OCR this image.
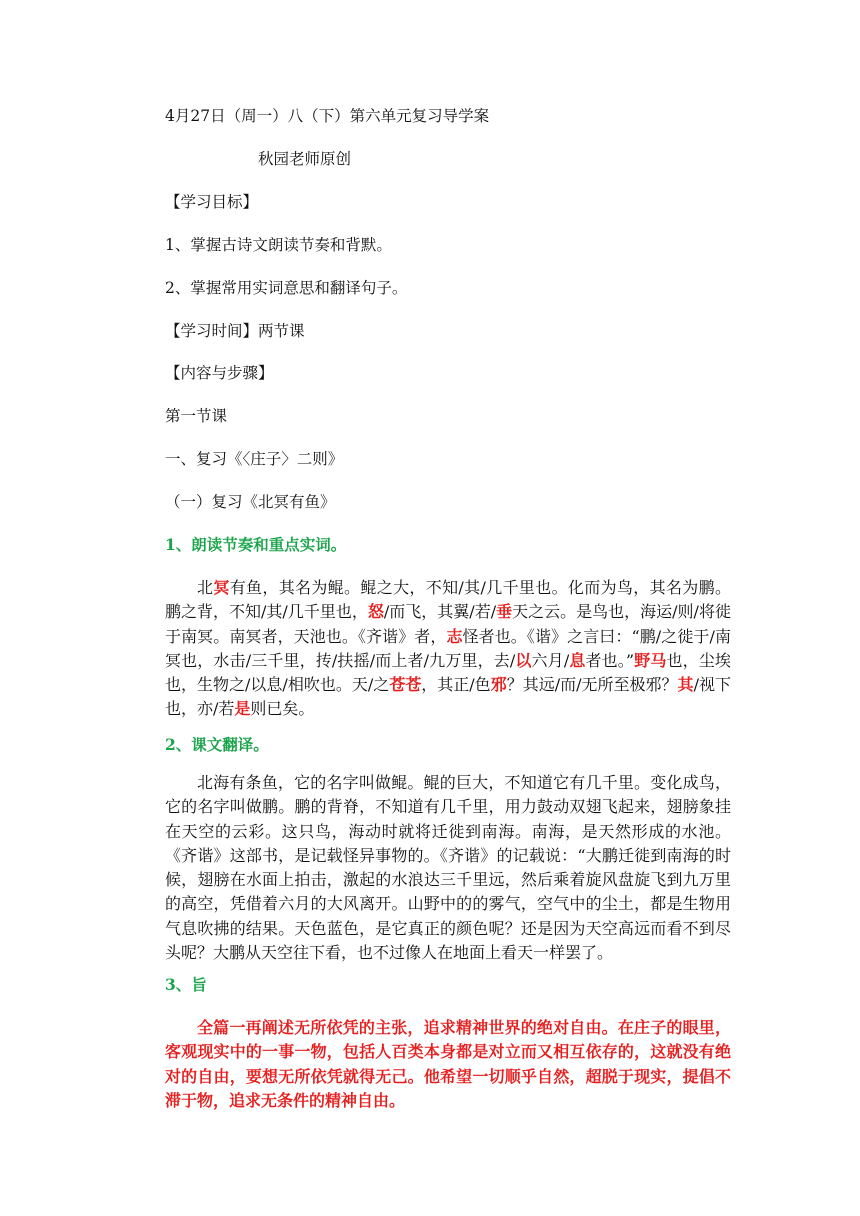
4月27日（周一）八（下）第六单元复习导学案
秋园老师原创
【学习目标】
1、掌握古诗文朗读节奏和背默。
2、掌握常用实词意思和翻译句子。
【学习时间】两节课
【内容与步骤】
第一节课
一、复习《〈庄子〉二则》
（一）复习《北冥有鱼》
1、朗读节奏和重点实词。
北冥有鱼，其名为鲲。鲲之大，不知/其/几千里也。化而为鸟，其名为鹏。鹏之背，不知/其/几千里也，怒/而飞，其翼/若/垂天之云。是鸟也，海运/则/将徙于南冥。南冥者，天池也。《齐谐》者，志怪者也。《谐》之言曰：“鹏/之徙于/南冥也，水击/三千里，抟/扶摇/而上者/九万里，去/以六月/息者也。”野马也，尘埃也，生物之/以息/相吹也。天/之苍苍，其正/色邪？其远/而/无所至极邪？其/视下也，亦/若是则已矣。
2、课文翻译。
北海有条鱼，它的名字叫做鲲。鲲的巨大，不知道它有几千里。变化成鸟，它的名字叫做鹏。鹏的背脊，不知道有几千里，用力鼓动双翅飞起来，翅膀象挂在天空的云彩。这只鸟，海动时就将迁徙到南海。南海，是天然形成的水池。《齐谐》这部书，是记载怪异事物的。《齐谐》的记载说：“大鹏迁徙到南海的时候，翅膀在水面上拍击，激起的水浪达三千里远，然后乘着旋风盘旋飞到九万里的高空，凭借着六月的大风离开。山野中的的雾气，空气中的尘土，都是生物用气息吹拂的结果。天色蓝色，是它真正的颜色呢？还是因为天空高远而看不到尽头呢？大鹏从天空往下看，也不过像人在地面上看天一样罢了。
3、旨
全篇一再阐述无所依凭的主张，追求精神世界的绝对自由。在庄子的眼里，客观现实中的一事一物，包括人百类本身都是对立而又相互依存的，这就没有绝对的自由，要想无所依凭就得无己。他希望一切顺乎自然，超脱于现实，提倡不滞于物，追求无条件的精神自由。
